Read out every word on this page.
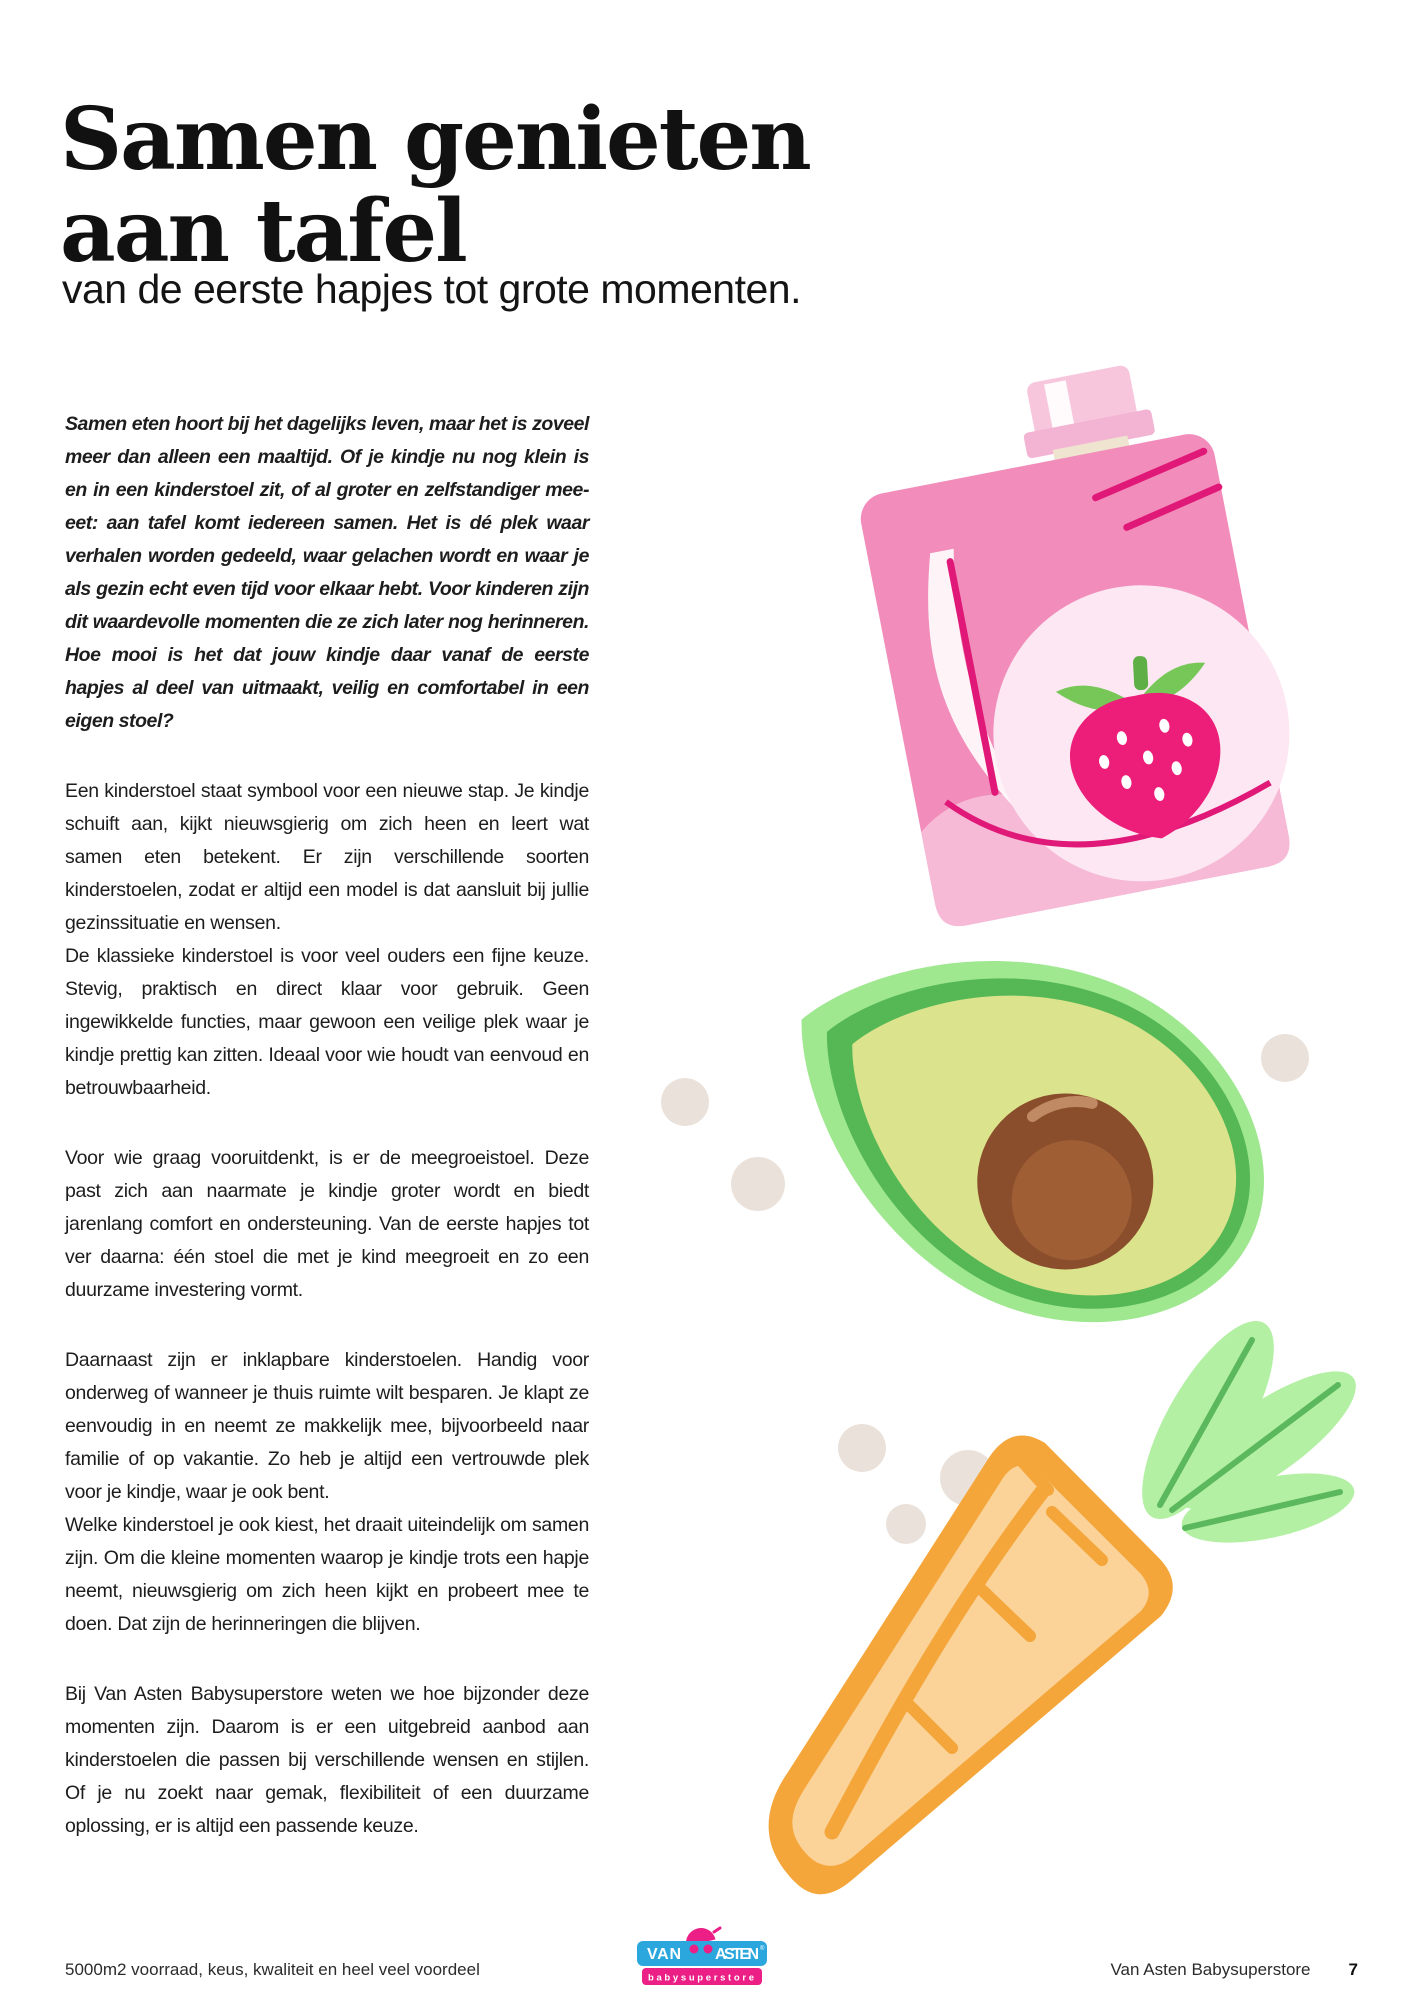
Samen genieten
aan tafel
van de eerste hapjes tot grote momenten.

Samen eten hoort bij het dagelijks leven, maar het is zoveel meer dan alleen een maaltijd. Of je kindje nu nog klein is en in een kinderstoel zit, of al groter en zelfstandiger mee-eet: aan tafel komt iedereen samen. Het is dé plek waar verhalen worden gedeeld, waar gelachen wordt en waar je als gezin echt even tijd voor elkaar hebt. Voor kinderen zijn dit waardevolle momenten die ze zich later nog herinneren. Hoe mooi is het dat jouw kindje daar vanaf de eerste hapjes al deel van uitmaakt, veilig en comfortabel in een eigen stoel?

Een kinderstoel staat symbool voor een nieuwe stap. Je kindje schuift aan, kijkt nieuwsgierig om zich heen en leert wat samen eten betekent. Er zijn verschillende soorten kinderstoelen, zodat er altijd een model is dat aansluit bij jullie gezinssituatie en wensen.

De klassieke kinderstoel is voor veel ouders een fijne keuze. Stevig, praktisch en direct klaar voor gebruik. Geen ingewikkelde functies, maar gewoon een veilige plek waar je kindje prettig kan zitten. Ideaal voor wie houdt van eenvoud en betrouwbaarheid.

Voor wie graag vooruitdenkt, is er de meegroeistoel. Deze past zich aan naarmate je kindje groter wordt en biedt jarenlang comfort en ondersteuning. Van de eerste hapjes tot ver daarna: één stoel die met je kind meegroeit en zo een duurzame investering vormt.

Daarnaast zijn er inklapbare kinderstoelen. Handig voor onderweg of wanneer je thuis ruimte wilt besparen. Je klapt ze eenvoudig in en neemt ze makkelijk mee, bijvoorbeeld naar familie of op vakantie. Zo heb je altijd een vertrouwde plek voor je kindje, waar je ook bent.

Welke kinderstoel je ook kiest, het draait uiteindelijk om samen zijn. Om die kleine momenten waarop je kindje trots een hapje neemt, nieuwsgierig om zich heen kijkt en probeert mee te doen. Dat zijn de herinneringen die blijven.

Bij Van Asten Babysuperstore weten we hoe bijzonder deze momenten zijn. Daarom is er een uitgebreid aanbod aan kinderstoelen die passen bij verschillende wensen en stijlen. Of je nu zoekt naar gemak, flexibiliteit of een duurzame oplossing, er is altijd een passende keuze.

5000m2 voorraad, keus, kwaliteit en heel veel voordeel
VAN ASTEN ®
babysuperstore	Van Asten Babysuperstore 7
